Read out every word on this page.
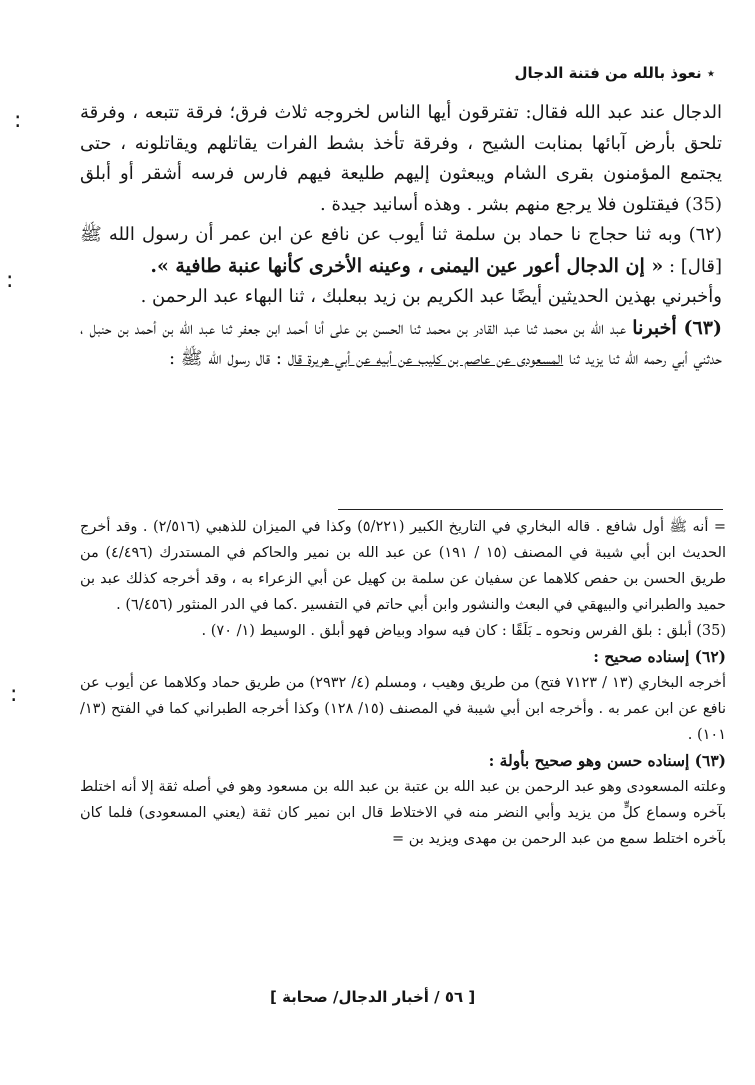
٭ نعوذ بالله من فتنة الدجال
:
:
:

الدجال عند عبد الله فقال: تفترقون أيها الناس لخروجه ثلاث فرق؛ فرقة تتبعه ، وفرقة تلحق بأرض آبائها بمنابت الشيح ، وفرقة تأخذ بشط الفرات يقاتلهم ويقاتلونه ، حتى يجتمع المؤمنون بقرى الشام ويبعثون إليهم طليعة فيهم فارس فرسه أشقر أو أبلق (35) فيقتلون فلا يرجع منهم بشر . وهذه أسانيد جيدة .

(٦٢) وبه ثنا حجاج نا حماد بن سلمة ثنا أيوب عن نافع عن ابن عمر أن رسول الله ﷺ [قال] : « إن الدجال أعور عين اليمنى ، وعينه الأخرى كأنها عنبة طافية ».

وأخبرني بهذين الحديثين أيضًا عبد الكريم بن زيد ببعلبك ، ثنا البهاء عبد الرحمن .

(٦٣) أخبرنا عبد الله بن محمد ثنا عبد القادر بن محمد ثنا الحسن بن على أنا أحمد ابن جعفر ثنا عبد الله بن أحمد بن حنبل ، حدثني أبي رحمه الله ثنا يزيد ثنا المسعودى عن عاصم بن كليب عن أبيه عن أبي هريرة قال : قال رسول الله ﷺ :

= أنه ﷺ أول شافع . قاله البخاري في التاريخ الكبير (٥/٢٢١) وكذا في الميزان للذهبي (٢/٥١٦) . وقد أخرج الحديث ابن أبي شيبة في المصنف (١٥ / ١٩١) عن عبد الله بن نمير والحاكم في المستدرك (٤/٤٩٦) من طريق الحسن بن حفص كلاهما عن سفيان عن سلمة بن كهيل عن أبي الزعراء به ، وقد أخرجه كذلك عبد بن حميد والطبراني والبيهقي في البعث والنشور وابن أبي حاتم في التفسير .كما في الدر المنثور (٦/٤٥٦) .

(35) أبلق : بلق الفرس ونحوه ـ بَلَقًا : كان فيه سواد وبياض فهو أبلق . الوسيط (١/ ٧٠) .

(٦٢) إسناده صحيح :

أخرجه البخاري (١٣ / ٧١٢٣ فتح) من طريق وهيب ، ومسلم (٤/ ٢٩٣٢) من طريق حماد وكلاهما عن أيوب عن نافع عن ابن عمر به . وأخرجه ابن أبي شيبة في المصنف (١٥/ ١٢٨) وكذا أخرجه الطبراني كما في الفتح (١٣/ ١٠١) .

(٦٣) إسناده حسن وهو صحيح بأولة :

وعلته المسعودى وهو عبد الرحمن بن عبد الله بن عتبة بن عبد الله بن مسعود وهو في أصله ثقة إلا أنه اختلط بآخره وسماع كلٍّ من يزيد وأبي النضر منه في الاختلاط قال ابن نمير كان ثقة (يعني المسعودى) فلما كان بآخره اختلط سمع من عبد الرحمن بن مهدى ويزيد بن =

[ ٥٦ / أخبار الدجال/ صحابة ]
